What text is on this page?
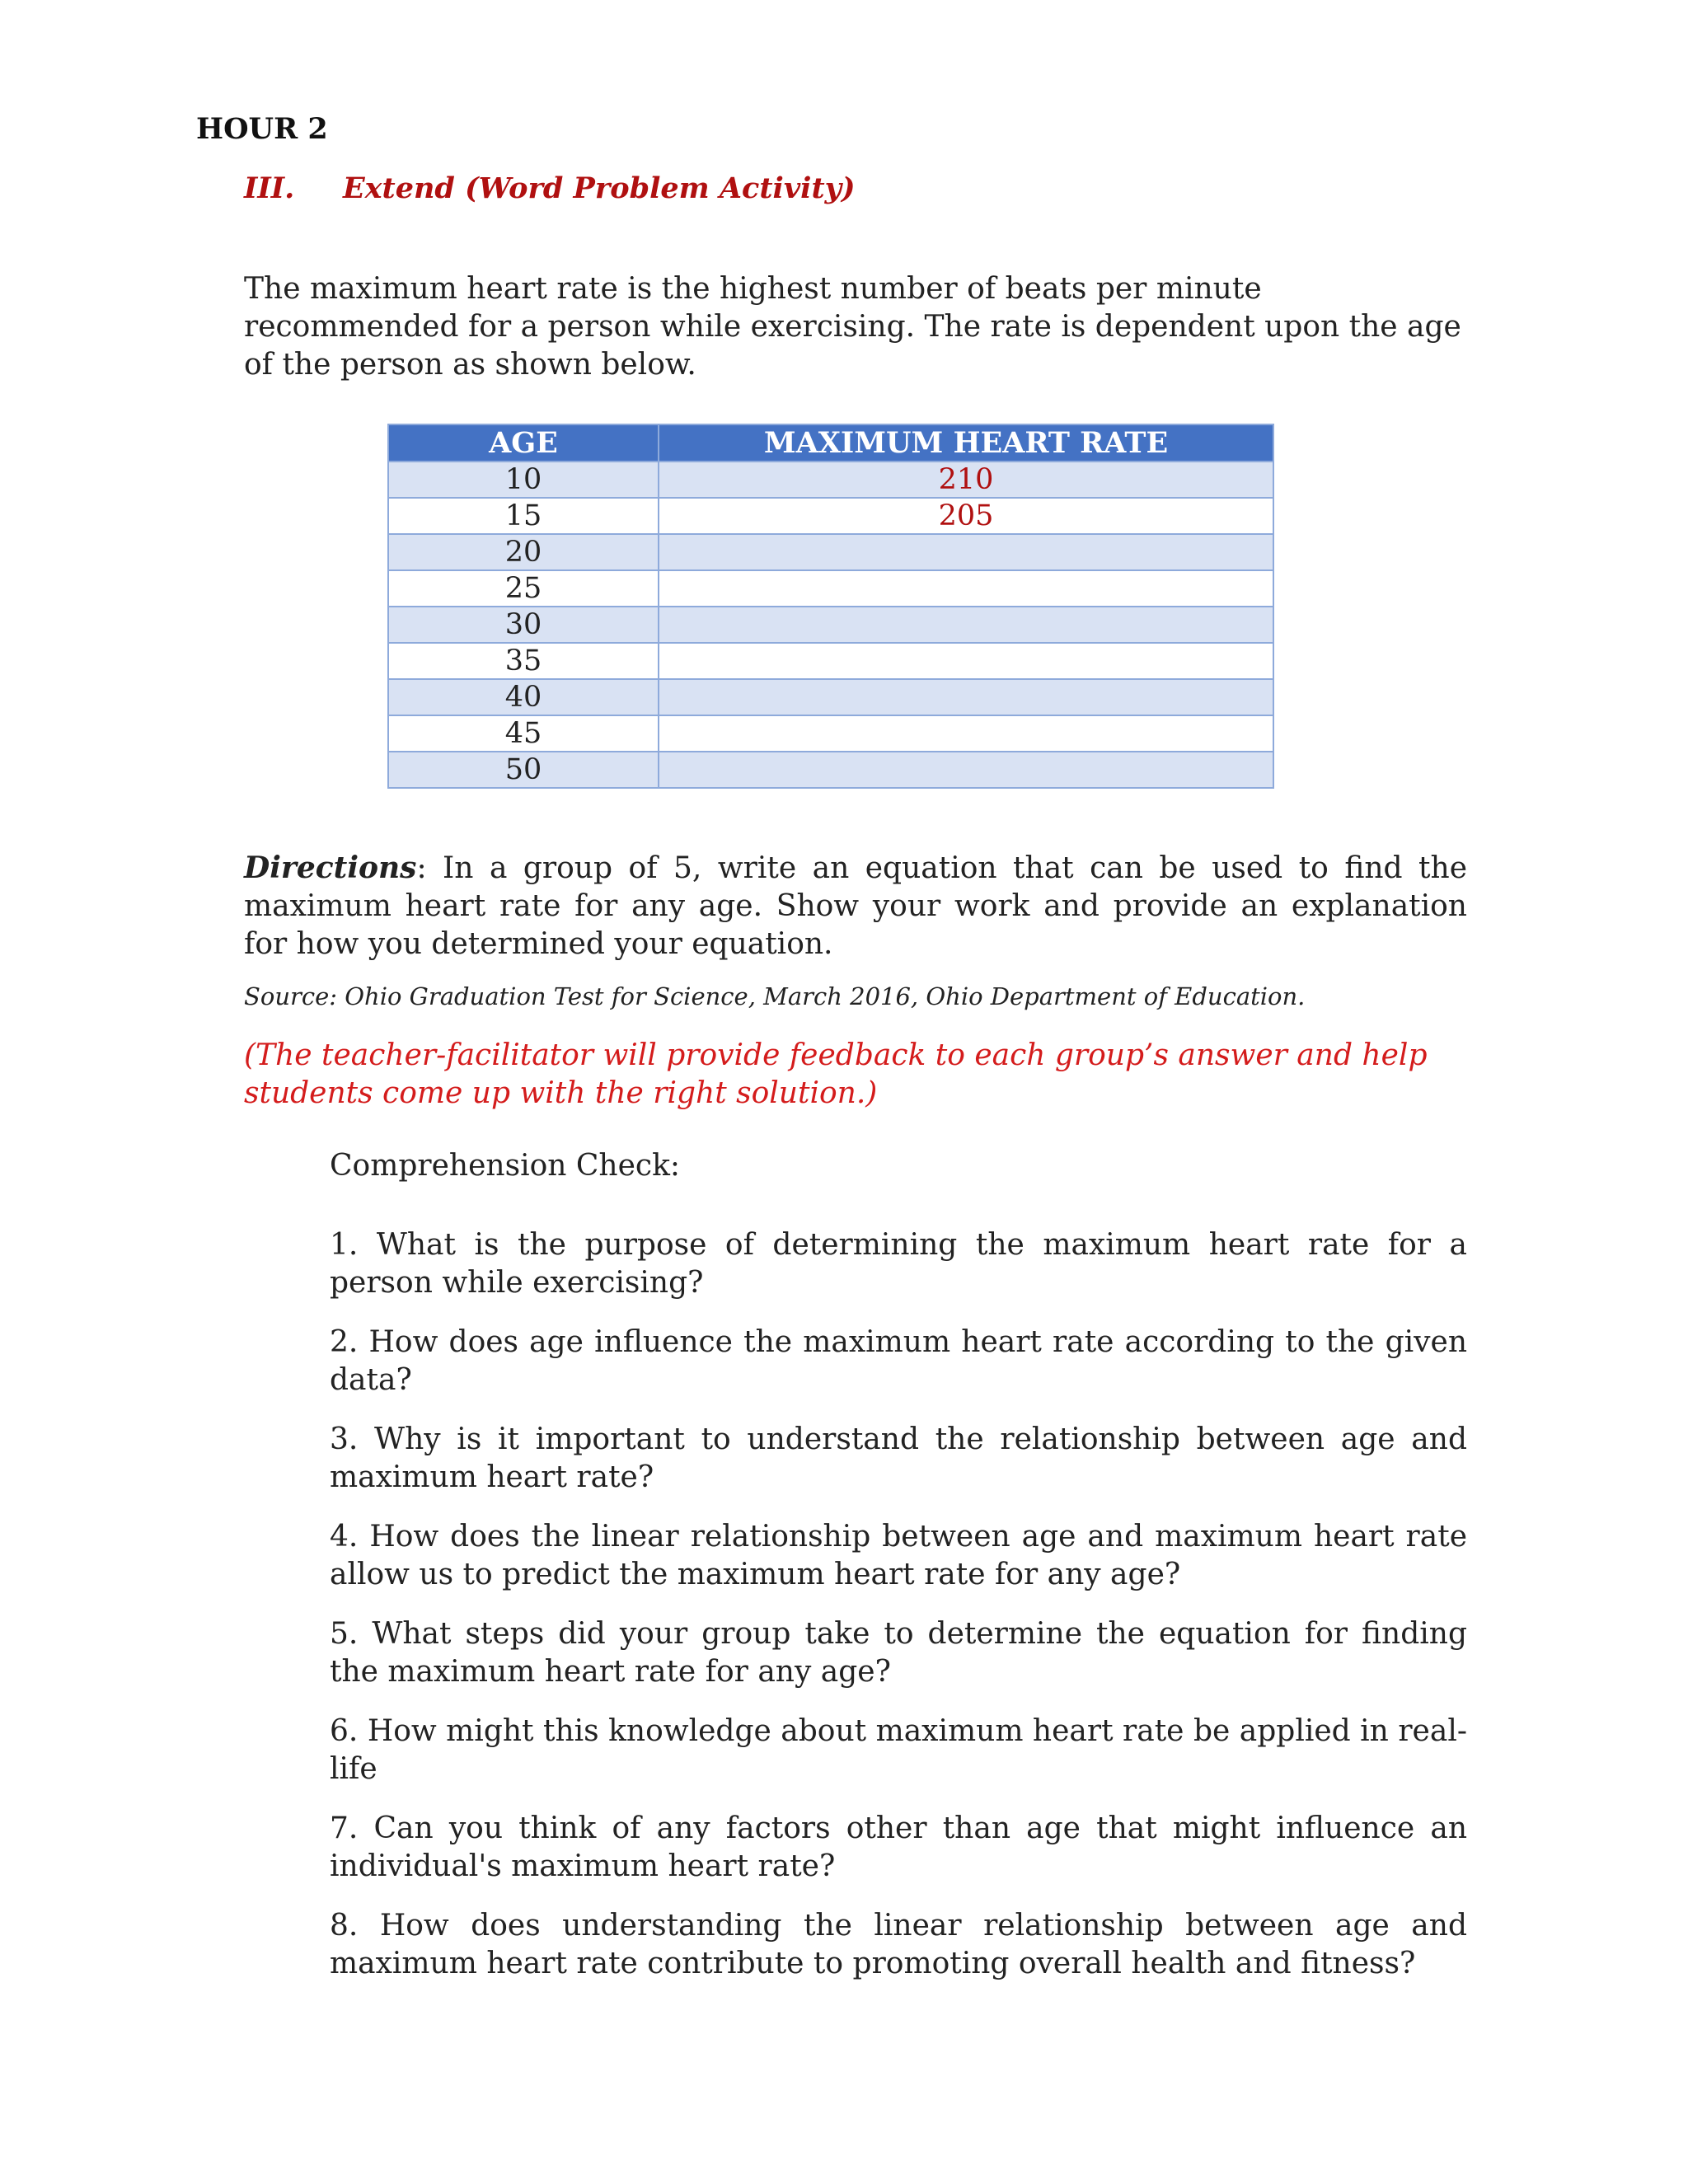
HOUR 2
III. Extend (Word Problem Activity)

The maximum heart rate is the highest number of beats per minute recommended for a person while exercising. The rate is dependent upon the age of the person as shown below.

AGE	MAXIMUM HEART RATE
10	210
15	205
20	
25	
30	
35	
40	
45	
50	

Directions: In a group of 5, write an equation that can be used to find the maximum heart rate for any age. Show your work and provide an explanation for how you determined your equation.

Source: Ohio Graduation Test for Science, March 2016, Ohio Department of Education.

(The teacher-facilitator will provide feedback to each group’s answer and help students come up with the right solution.)

Comprehension Check:

1. What is the purpose of determining the maximum heart rate for a person while exercising?

2. How does age influence the maximum heart rate according to the given data?

3. Why is it important to understand the relationship between age and maximum heart rate?

4. How does the linear relationship between age and maximum heart rate allow us to predict the maximum heart rate for any age?

5. What steps did your group take to determine the equation for finding the maximum heart rate for any age?

6. How might this knowledge about maximum heart rate be applied in real-life

7. Can you think of any factors other than age that might influence an individual's maximum heart rate?

8. How does understanding the linear relationship between age and maximum heart rate contribute to promoting overall health and fitness?
